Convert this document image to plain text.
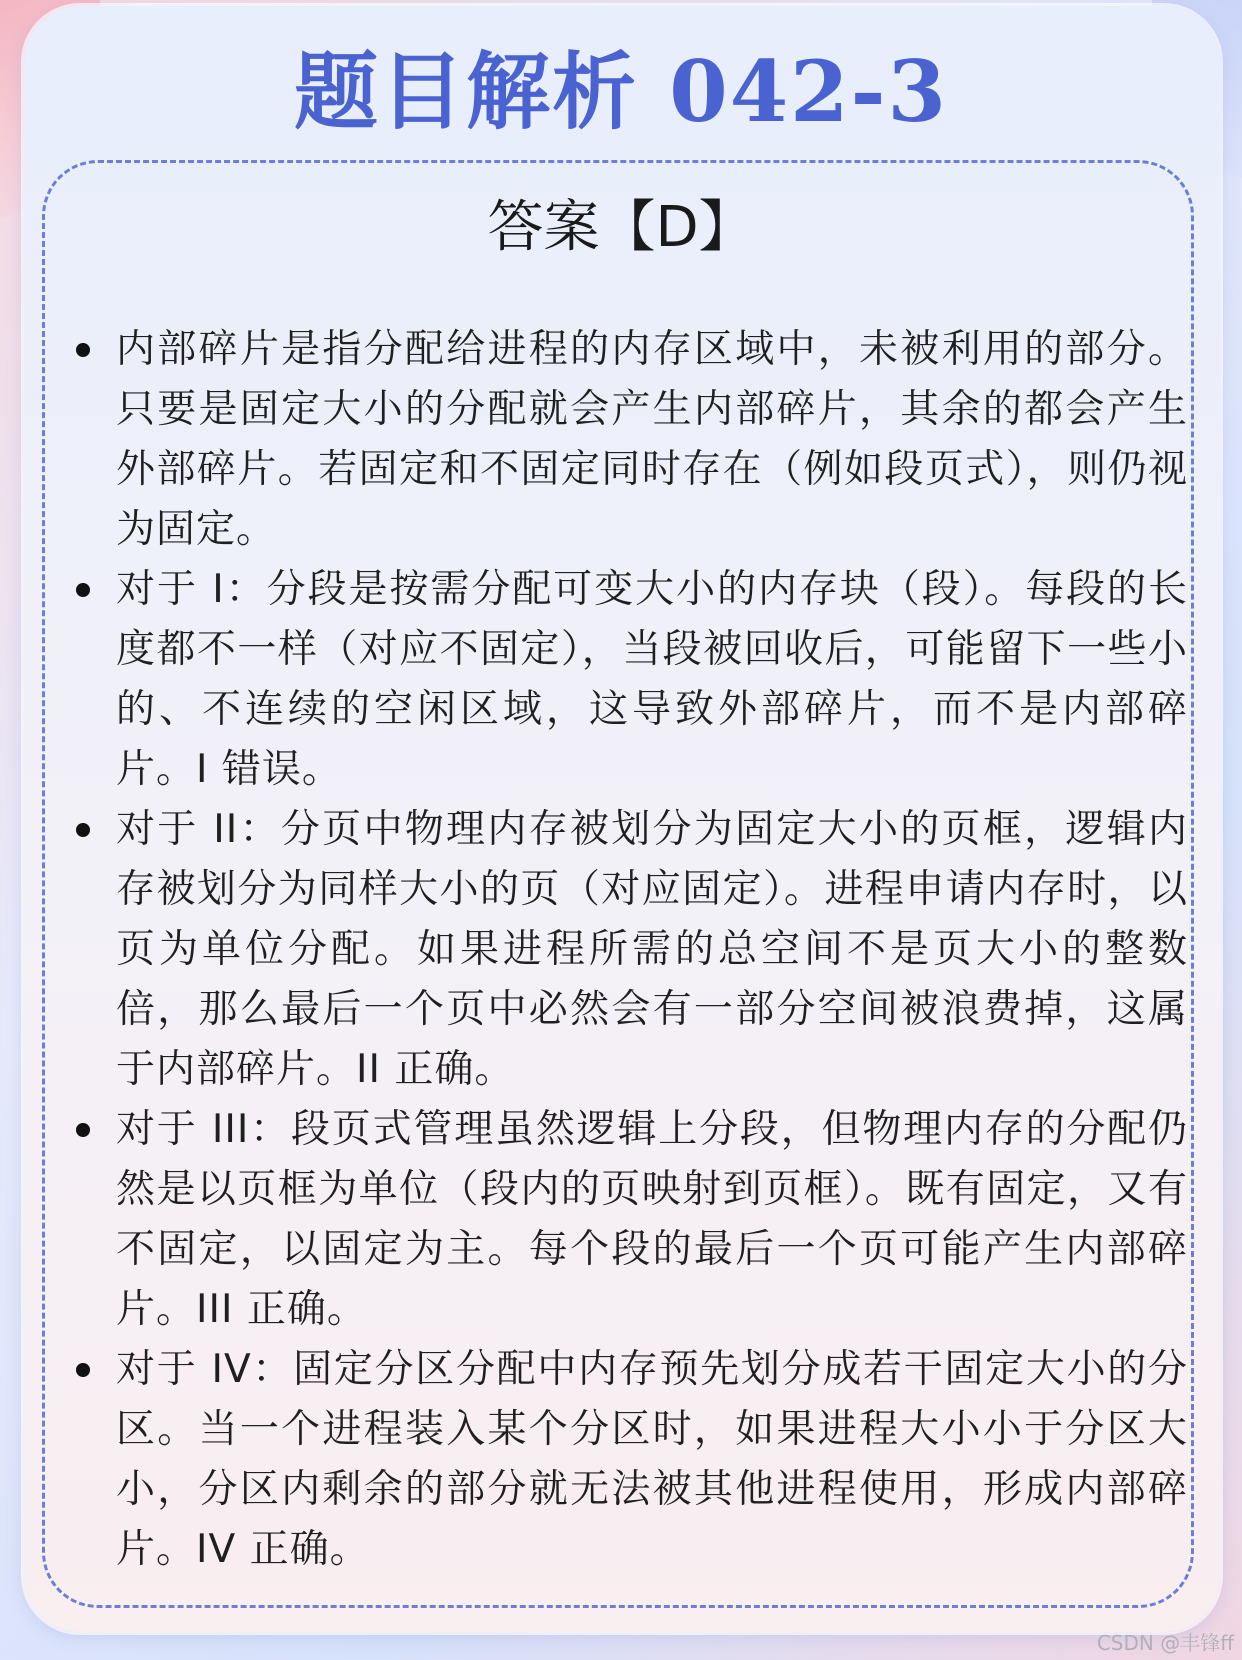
题目解析 042-3
答案【D】
内部碎片是指分配给进程的内存区域中，未被利用的部分。只要是固定大小的分配就会产生内部碎片，其余的都会产生外部碎片。若固定和不固定同时存在（例如段页式），则仍视为固定。
对于 I：分段是按需分配可变大小的内存块（段）。每段的长度都不一样（对应不固定），当段被回收后，可能留下一些小的、不连续的空闲区域，这导致外部碎片，而不是内部碎片。I 错误。
对于 II：分页中物理内存被划分为固定大小的页框，逻辑内存被划分为同样大小的页（对应固定）。进程申请内存时，以页为单位分配。如果进程所需的总空间不是页大小的整数倍，那么最后一个页中必然会有一部分空间被浪费掉，这属于内部碎片。II 正确。
对于 III：段页式管理虽然逻辑上分段，但物理内存的分配仍然是以页框为单位（段内的页映射到页框）。既有固定，又有不固定，以固定为主。每个段的最后一个页可能产生内部碎片。III 正确。
对于 IV：固定分区分配中内存预先划分成若干固定大小的分区。当一个进程装入某个分区时，如果进程大小小于分区大小，分区内剩余的部分就无法被其他进程使用，形成内部碎片。IV 正确。
CSDN @丰锋ff
